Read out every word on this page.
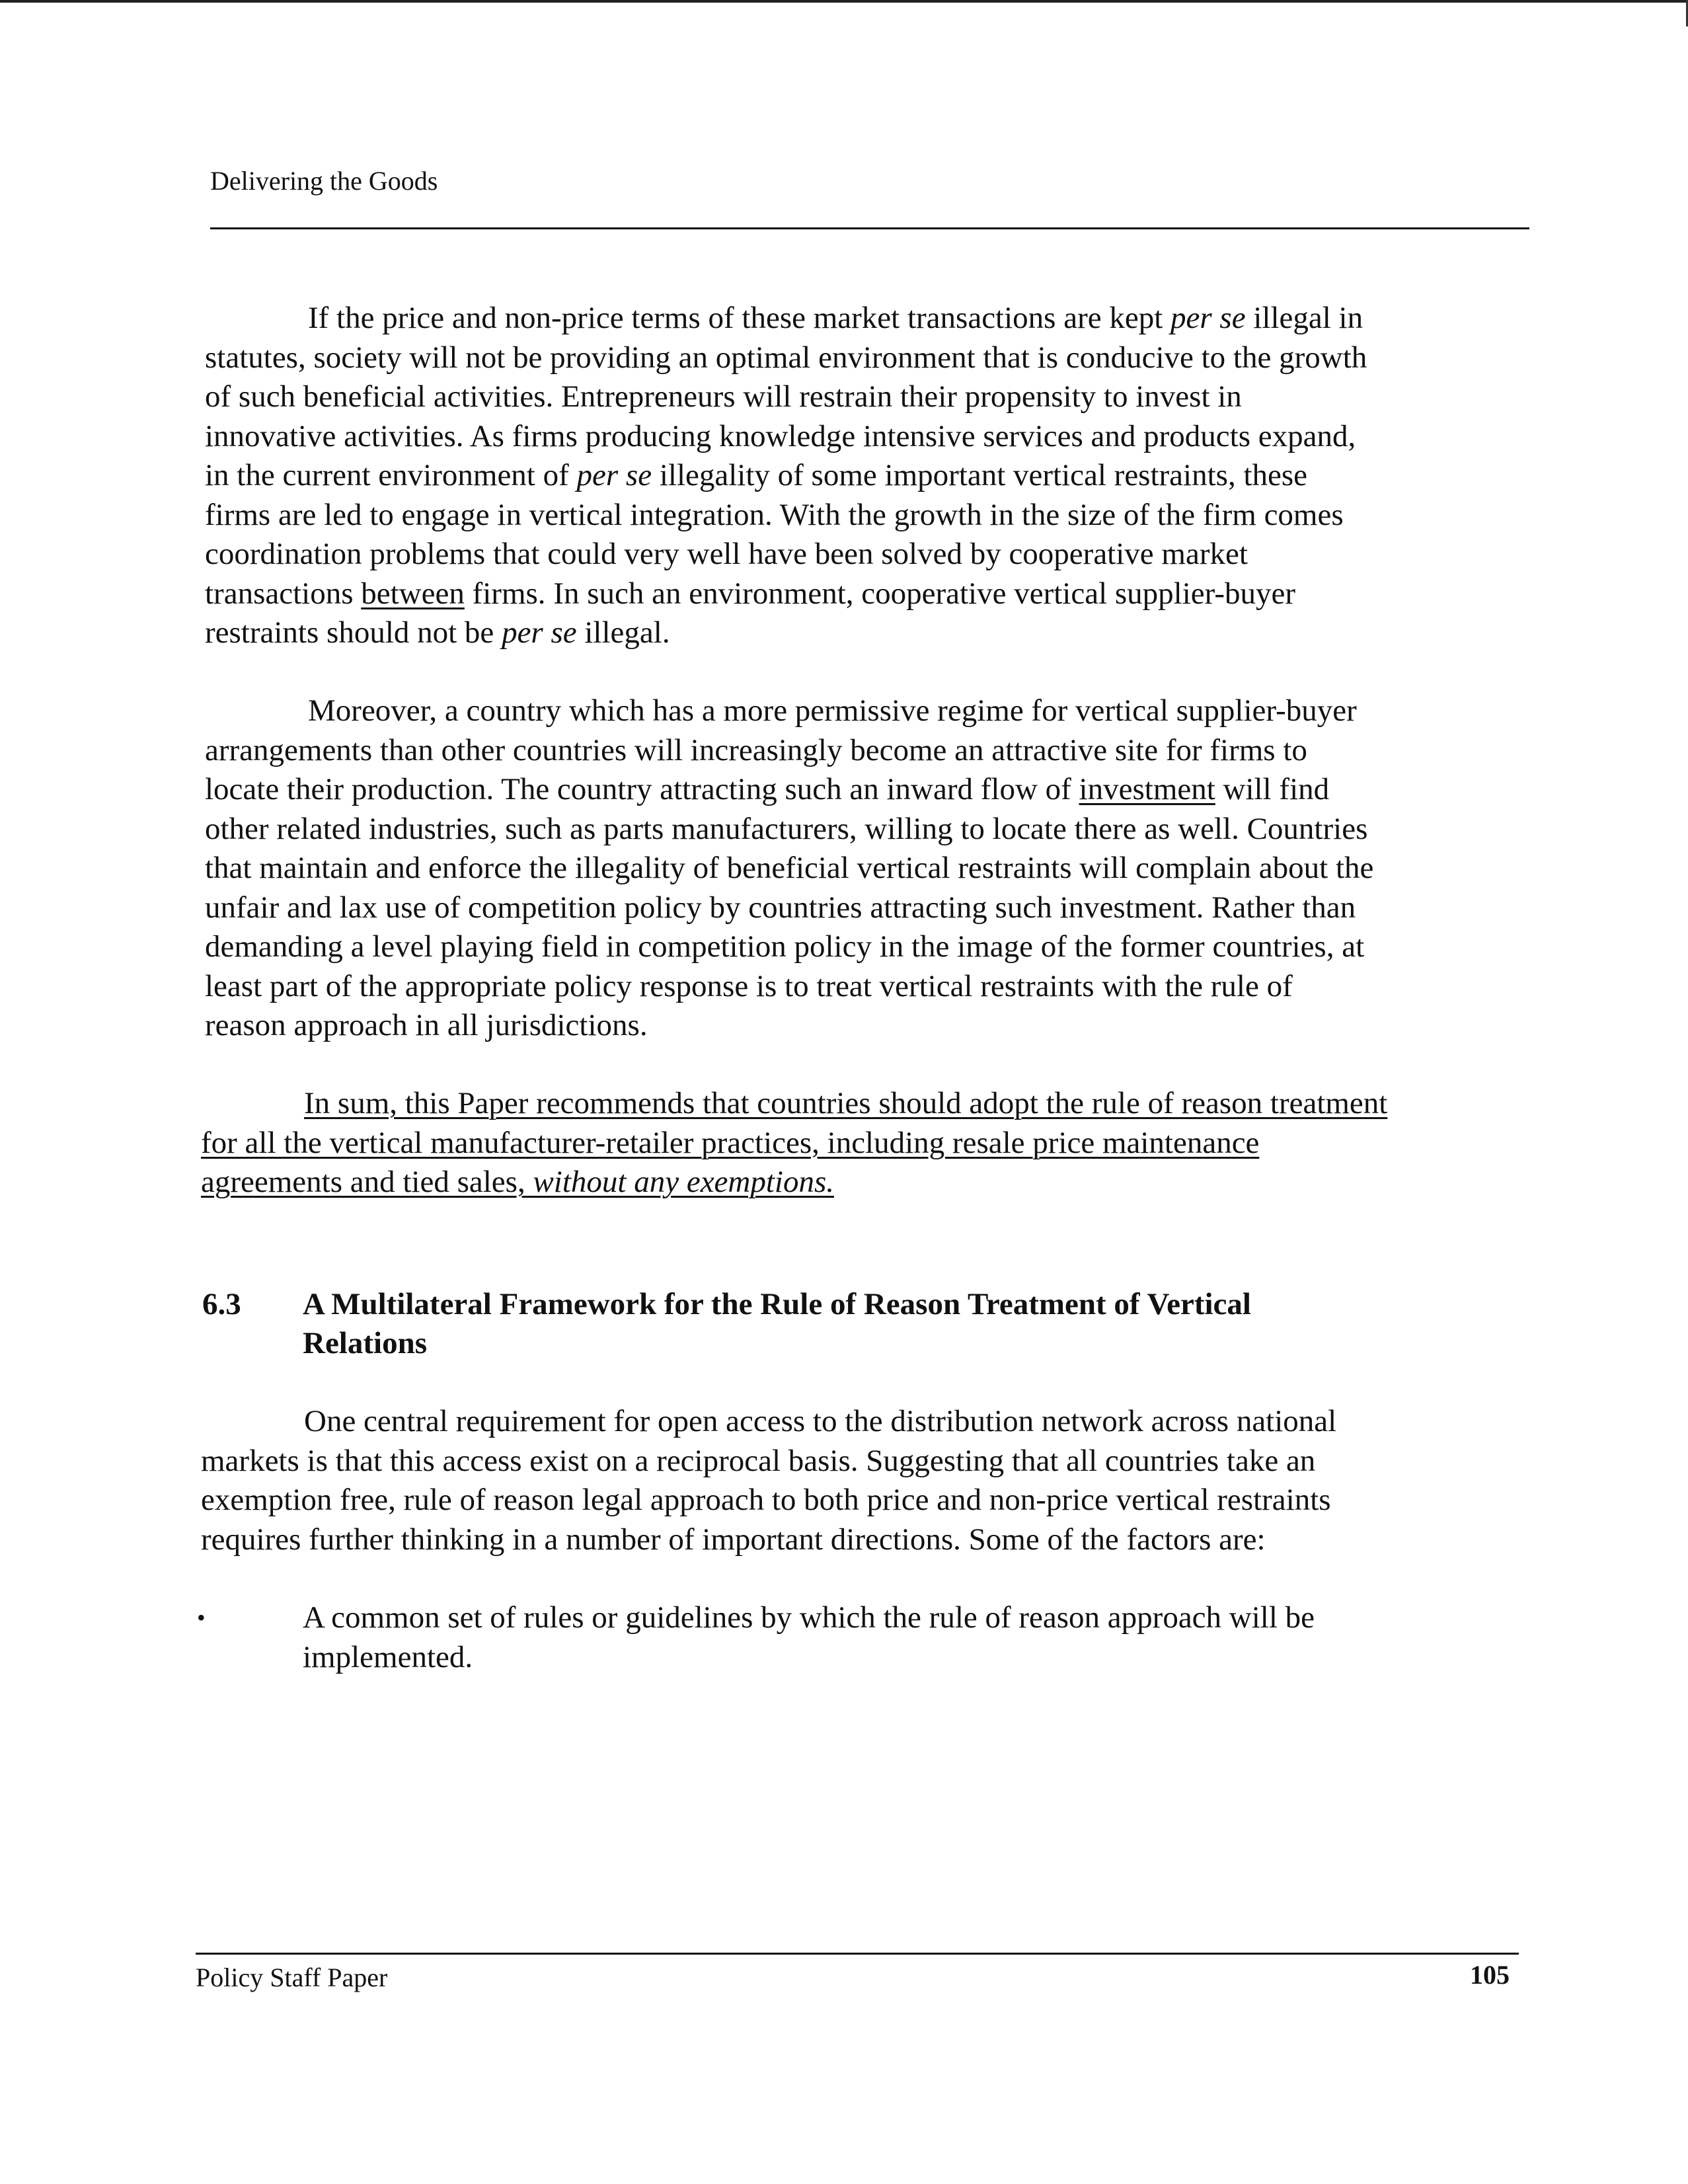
Delivering the Goods
If the price and non-price terms of these market transactions are kept per se illegal in
statutes, society will not be providing an optimal environment that is conducive to the growth
of such beneficial activities. Entrepreneurs will restrain their propensity to invest in
innovative activities. As firms producing knowledge intensive services and products expand,
in the current environment of per se illegality of some important vertical restraints, these
firms are led to engage in vertical integration. With the growth in the size of the firm comes
coordination problems that could very well have been solved by cooperative market
transactions between firms. In such an environment, cooperative vertical supplier-buyer
restraints should not be per se illegal.
Moreover, a country which has a more permissive regime for vertical supplier-buyer
arrangements than other countries will increasingly become an attractive site for firms to
locate their production. The country attracting such an inward flow of investment will find
other related industries, such as parts manufacturers, willing to locate there as well. Countries
that maintain and enforce the illegality of beneficial vertical restraints will complain about the
unfair and lax use of competition policy by countries attracting such investment. Rather than
demanding a level playing field in competition policy in the image of the former countries, at
least part of the appropriate policy response is to treat vertical restraints with the rule of
reason approach in all jurisdictions.
In sum, this Paper recommends that countries should adopt the rule of reason treatment
for all the vertical manufacturer-retailer practices, including resale price maintenance
agreements and tied sales, without any exemptions.
6.3 A Multilateral Framework for the Rule of Reason Treatment of Vertical
Relations
One central requirement for open access to the distribution network across national
markets is that this access exist on a reciprocal basis. Suggesting that all countries take an
exemption free, rule of reason legal approach to both price and non-price vertical restraints
requires further thinking in a number of important directions. Some of the factors are:
•	A common set of rules or guidelines by which the rule of reason approach will be
implemented.
Policy Staff Paper	105
